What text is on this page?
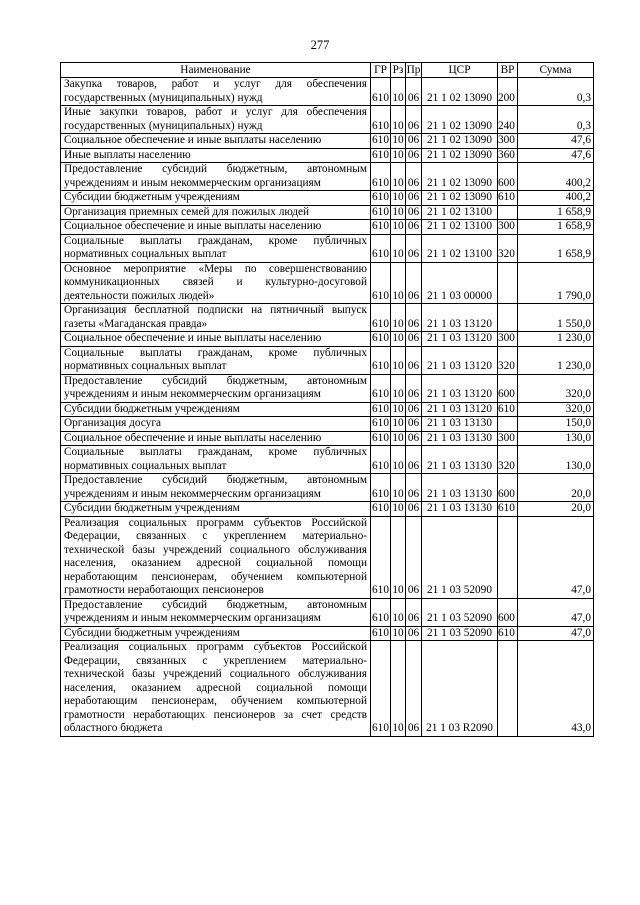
277
Наименование	ГР	Рз	Пр	ЦСР	ВР	Сумма
Закупка товаров, работ и услуг для обеспечения государственных (муниципальных) нужд	610	10	06	21 1 02 13090	200	0,3
Иные закупки товаров, работ и услуг для обеспечения государственных (муниципальных) нужд	610	10	06	21 1 02 13090	240	0,3
Социальное обеспечение и иные выплаты населению	610	10	06	21 1 02 13090	300	47,6
Иные выплаты населению	610	10	06	21 1 02 13090	360	47,6
Предоставление субсидий бюджетным, автономным учреждениям и иным некоммерческим организациям	610	10	06	21 1 02 13090	600	400,2
Субсидии бюджетным учреждениям	610	10	06	21 1 02 13090	610	400,2
Организация приемных семей для пожилых людей	610	10	06	21 1 02 13100		1 658,9
Социальное обеспечение и иные выплаты населению	610	10	06	21 1 02 13100	300	1 658,9
Социальные выплаты гражданам, кроме публичных нормативных социальных выплат	610	10	06	21 1 02 13100	320	1 658,9
Основное мероприятие «Меры по совершенствованию коммуникационных связей и культурно-досуговой деятельности пожилых людей»	610	10	06	21 1 03 00000		1 790,0
Организация бесплатной подписки на пятничный выпуск газеты «Магаданская правда»	610	10	06	21 1 03 13120		1 550,0
Социальное обеспечение и иные выплаты населению	610	10	06	21 1 03 13120	300	1 230,0
Социальные выплаты гражданам, кроме публичных нормативных социальных выплат	610	10	06	21 1 03 13120	320	1 230,0
Предоставление субсидий бюджетным, автономным учреждениям и иным некоммерческим организациям	610	10	06	21 1 03 13120	600	320,0
Субсидии бюджетным учреждениям	610	10	06	21 1 03 13120	610	320,0
Организация досуга	610	10	06	21 1 03 13130		150,0
Социальное обеспечение и иные выплаты населению	610	10	06	21 1 03 13130	300	130,0
Социальные выплаты гражданам, кроме публичных нормативных социальных выплат	610	10	06	21 1 03 13130	320	130,0
Предоставление субсидий бюджетным, автономным учреждениям и иным некоммерческим организациям	610	10	06	21 1 03 13130	600	20,0
Субсидии бюджетным учреждениям	610	10	06	21 1 03 13130	610	20,0
Реализация социальных программ субъектов Российской Федерации, связанных с укреплением материально-технической базы учреждений социального обслуживания населения, оказанием адресной социальной помощи неработающим пенсионерам, обучением компьютерной грамотности неработающих пенсионеров	610	10	06	21 1 03 52090		47,0
Предоставление субсидий бюджетным, автономным учреждениям и иным некоммерческим организациям	610	10	06	21 1 03 52090	600	47,0
Субсидии бюджетным учреждениям	610	10	06	21 1 03 52090	610	47,0
Реализация социальных программ субъектов Российской Федерации, связанных с укреплением материально-технической базы учреждений социального обслуживания населения, оказанием адресной социальной помощи неработающим пенсионерам, обучением компьютерной грамотности неработающих пенсионеров за счет средств областного бюджета	610	10	06	21 1 03 R2090		43,0
